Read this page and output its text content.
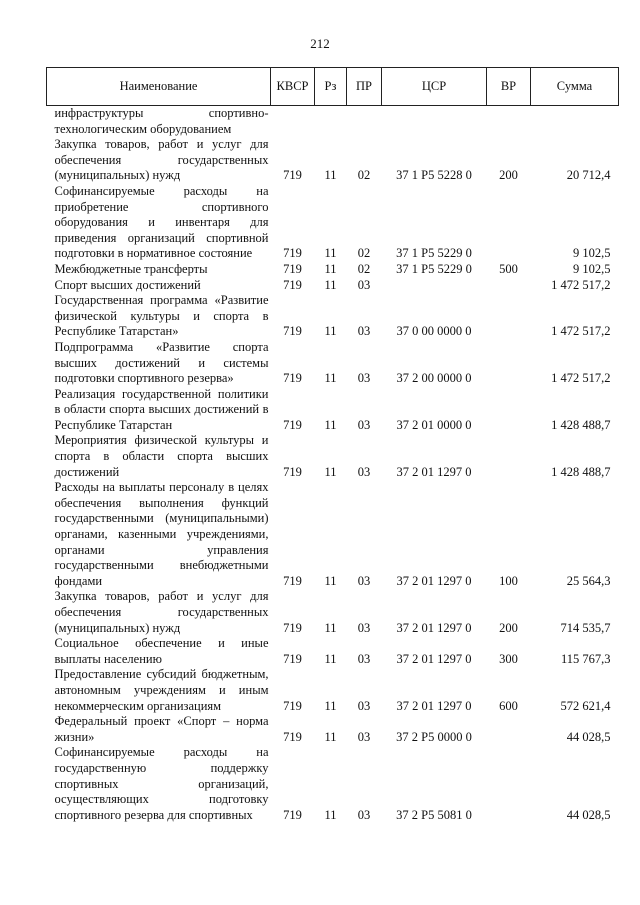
212
Наименование	КВСР	Рз	ПР	ЦСР	ВР	Сумма
инфраструктуры спортивно-технологическим оборудованием						
Закупка товаров, работ и услуг для обеспечения государственных (муниципальных) нужд	719	11	02	37 1 P5 5228 0	200	20 712,4
Софинансируемые расходы на приобретение спортивного оборудования и инвентаря для приведения организаций спортивной подготовки в нормативное состояние	719	11	02	37 1 P5 5229 0		9 102,5
Межбюджетные трансферты	719	11	02	37 1 P5 5229 0	500	9 102,5
Спорт высших достижений	719	11	03			1 472 517,2
Государственная программа «Развитие физической культуры и спорта в Республике Татарстан»	719	11	03	37 0 00 0000 0		1 472 517,2
Подпрограмма «Развитие спорта высших достижений и системы подготовки спортивного резерва»	719	11	03	37 2 00 0000 0		1 472 517,2
Реализация государственной политики в области спорта высших достижений в Республике Татарстан	719	11	03	37 2 01 0000 0		1 428 488,7
Мероприятия физической культуры и спорта в области спорта высших достижений	719	11	03	37 2 01 1297 0		1 428 488,7
Расходы на выплаты персоналу в целях обеспечения выполнения функций государственными (муниципальными) органами, казенными учреждениями, органами управления государственными внебюджетными фондами	719	11	03	37 2 01 1297 0	100	25 564,3
Закупка товаров, работ и услуг для обеспечения государственных (муниципальных) нужд	719	11	03	37 2 01 1297 0	200	714 535,7
Социальное обеспечение и иные выплаты населению	719	11	03	37 2 01 1297 0	300	115 767,3
Предоставление субсидий бюджетным, автономным учреждениям и иным некоммерческим организациям	719	11	03	37 2 01 1297 0	600	572 621,4
Федеральный проект «Спорт – норма жизни»	719	11	03	37 2 P5 0000 0		44 028,5
Софинансируемые расходы на государственную поддержку спортивных организаций, осуществляющих подготовку спортивного резерва для спортивных	719	11	03	37 2 P5 5081 0		44 028,5
